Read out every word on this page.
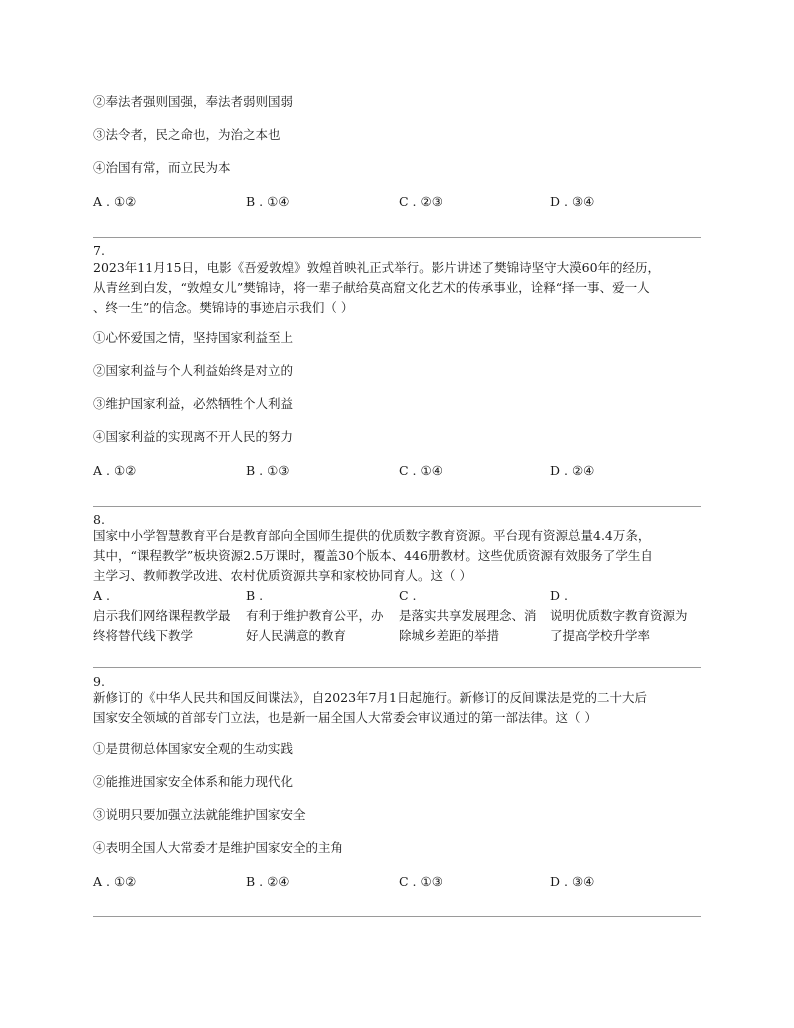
②奉法者强则国强，奉法者弱则国弱
③法令者，民之命也，为治之本也
④治国有常，而立民为本
A . ①②	B . ①④	C . ②③	D . ③④
7.
2023年11月15日，电影《吾爱敦煌》敦煌首映礼正式举行。影片讲述了樊锦诗坚守大漠60年的经历，
从青丝到白发，“敦煌女儿”樊锦诗，将一辈子献给莫高窟文化艺术的传承事业，诠释“择一事、爱一人
、终一生”的信念。樊锦诗的事迹启示我们（ ）
①心怀爱国之情，坚持国家利益至上
②国家利益与个人利益始终是对立的
③维护国家利益，必然牺牲个人利益
④国家利益的实现离不开人民的努力
A . ①②	B . ①③	C . ①④	D . ②④
8.
国家中小学智慧教育平台是教育部向全国师生提供的优质数字教育资源。平台现有资源总量4.4万条，
其中，“课程教学”板块资源2.5万课时，覆盖30个版本、446册教材。这些优质资源有效服务了学生自
主学习、教师教学改进、农村优质资源共享和家校协同育人。这（ ）
A .
启示我们网络课程教学最
终将替代线下教学
B .
有利于维护教育公平，办
好人民满意的教育
C .
是落实共享发展理念、消
除城乡差距的举措
D .
说明优质数字教育资源为
了提高学校升学率
9.
新修订的《中华人民共和国反间谍法》，自2023年7月1日起施行。新修订的反间谍法是党的二十大后
国家安全领域的首部专门立法，也是新一届全国人大常委会审议通过的第一部法律。这（ ）
①是贯彻总体国家安全观的生动实践
②能推进国家安全体系和能力现代化
③说明只要加强立法就能维护国家安全
④表明全国人大常委才是维护国家安全的主角
A . ①②	B . ②④	C . ①③	D . ③④
